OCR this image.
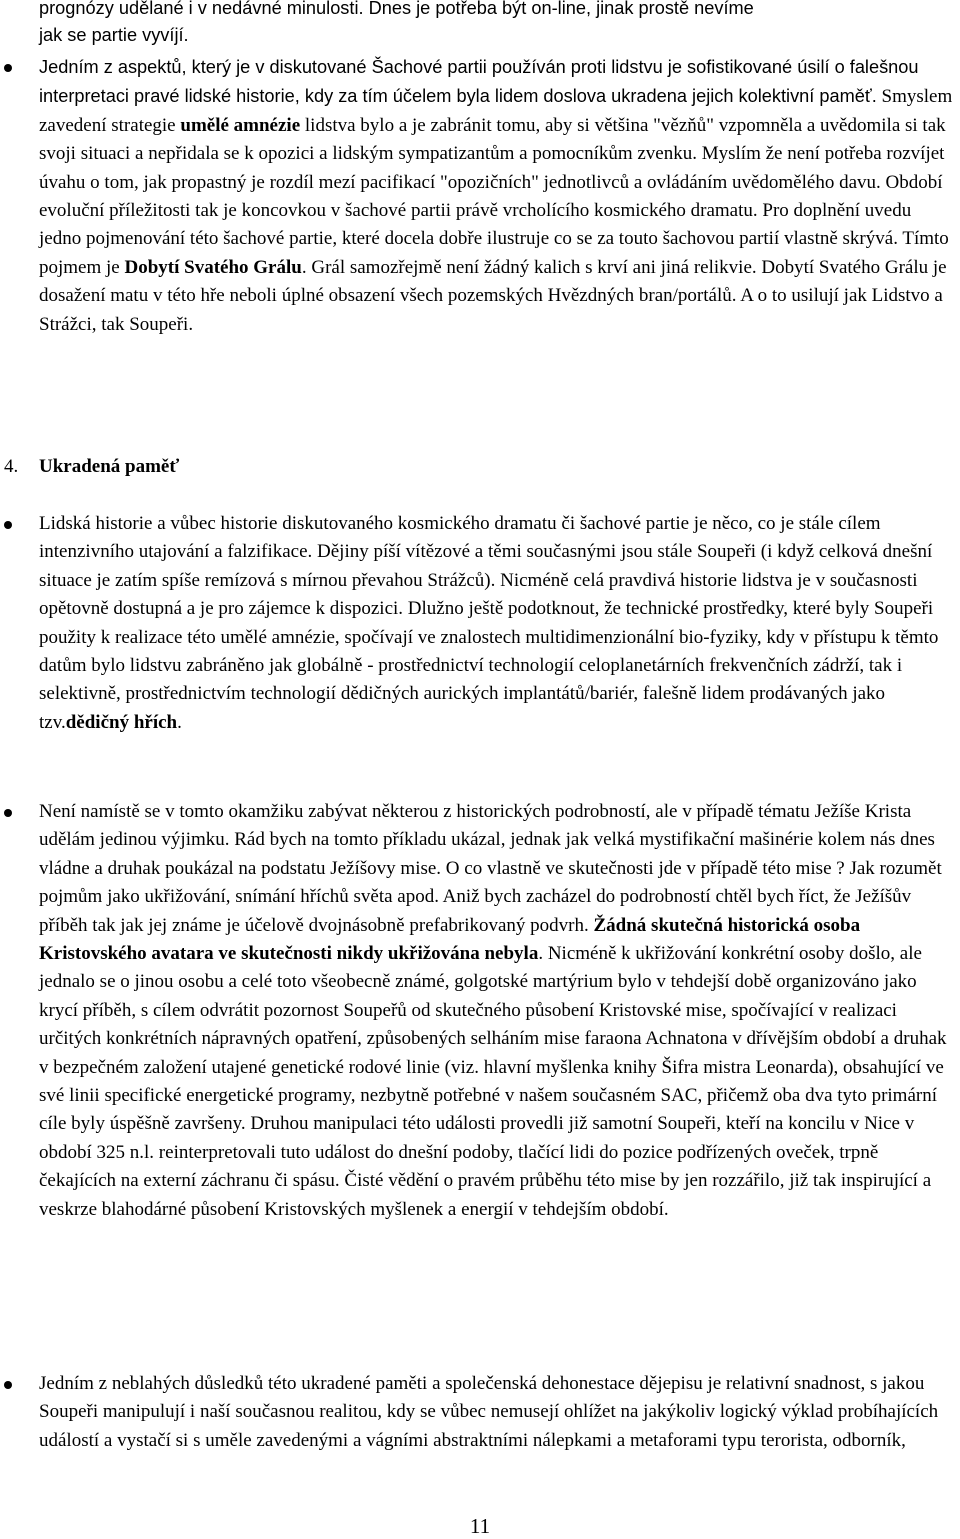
prognózy udělané i v nedávné minulosti. Dnes je potřeba být on-line, jinak prostě nevíme
jak se partie vyvíjí.

Jedním z aspektů, který je v diskutované Šachové partii používán proti lidstvu je sofistikované úsilí o falešnou interpretaci pravé lidské historie, kdy za tím účelem byla lidem doslova ukradena jejich kolektivní paměť. Smyslem zavedení strategie umělé amnézie lidstva bylo a je zabránit tomu, aby si většina "vězňů" vzpomněla a uvědomila si tak svoji situaci a nepřidala se k opozici a lidským sympatizantům a pomocníkům zvenku. Myslím že není potřeba rozvíjet úvahu o tom, jak propastný je rozdíl mezí pacifikací "opozičních" jednotlivců a ovládáním uvědomělého davu. Období evoluční příležitosti tak je koncovkou v šachové partii právě vrcholícího kosmického dramatu. Pro doplnění uvedu jedno pojmenování této šachové partie, které docela dobře ilustruje co se za touto šachovou partií vlastně skrývá. Tímto pojmem je Dobytí Svatého Grálu. Grál samozřejmě není žádný kalich s krví ani jiná relikvie. Dobytí Svatého Grálu je dosažení matu v této hře neboli úplné obsazení všech pozemských Hvězdných bran/portálů. A o to usilují jak Lidstvo a Strážci, tak Soupeři.

4. Ukradená paměť

Lidská historie a vůbec historie diskutovaného kosmického dramatu či šachové partie je něco, co je stále cílem intenzivního utajování a falzifikace. Dějiny píší vítězové a těmi současnými jsou stále Soupeři (i když celková dnešní situace je zatím spíše remízová s mírnou převahou Strážců). Nicméně celá pravdivá historie lidstva je v současnosti opětovně dostupná a je pro zájemce k dispozici. Dlužno ještě podotknout, že technické prostředky, které byly Soupeři použity k realizace této umělé amnézie, spočívají ve znalostech multidimenzionální bio-fyziky, kdy v přístupu k těmto datům bylo lidstvu zabráněno jak globálně - prostřednictví technologií celoplanetárních frekvenčních zádrží, tak i selektivně, prostřednictvím technologií dědičných aurických implantátů/bariér, falešně lidem prodávaných jako tzv.dědičný hřích.

Není namístě se v tomto okamžiku zabývat některou z historických podrobností, ale v případě tématu Ježíše Krista udělám jedinou výjimku. Rád bych na tomto příkladu ukázal, jednak jak velká mystifikační mašinérie kolem nás dnes vládne a druhak poukázal na podstatu Ježíšovy mise. O co vlastně ve skutečnosti jde v případě této mise ? Jak rozumět pojmům jako ukřižování, snímání hříchů světa apod. Aniž bych zacházel do podrobností chtěl bych říct, že Ježíšův příběh tak jak jej známe je účelově dvojnásobně prefabrikovaný podvrh. Žádná skutečná historická osoba Kristovského avatara ve skutečnosti nikdy ukřižována nebyla. Nicméně k ukřižování konkrétní osoby došlo, ale jednalo se o jinou osobu a celé toto všeobecně známé, golgotské martýrium bylo v tehdejší době organizováno jako krycí příběh, s cílem odvrátit pozornost Soupeřů od skutečného působení Kristovské mise, spočívající v realizaci určitých konkrétních nápravných opatření, způsobených selháním mise faraona Achnatona v dřívějším období a druhak v bezpečném založení utajené genetické rodové linie (viz. hlavní myšlenka knihy Šifra mistra Leonarda), obsahující ve své linii specifické energetické programy, nezbytně potřebné v našem současném SAC, přičemž oba dva tyto primární cíle byly úspěšně završeny. Druhou manipulaci této události provedli již samotní Soupeři, kteří na koncilu v Nice v období 325 n.l. reinterpretovali tuto událost do dnešní podoby, tlačící lidi do pozice podřízených oveček, trpně čekajících na externí záchranu či spásu. Čisté vědění o pravém průběhu této mise by jen rozzářilo, již tak inspirující a veskrze blahodárné působení Kristovských myšlenek a energií v tehdejším období.

Jedním z neblahých důsledků této ukradené paměti a společenská dehonestace dějepisu je relativní snadnost, s jakou Soupeři manipulují i naší současnou realitou, kdy se vůbec nemusejí ohlížet na jakýkoliv logický výklad probíhajících událostí a vystačí si s uměle zavedenými a vágními abstraktními nálepkami a metaforami typu terorista, odborník,

11
